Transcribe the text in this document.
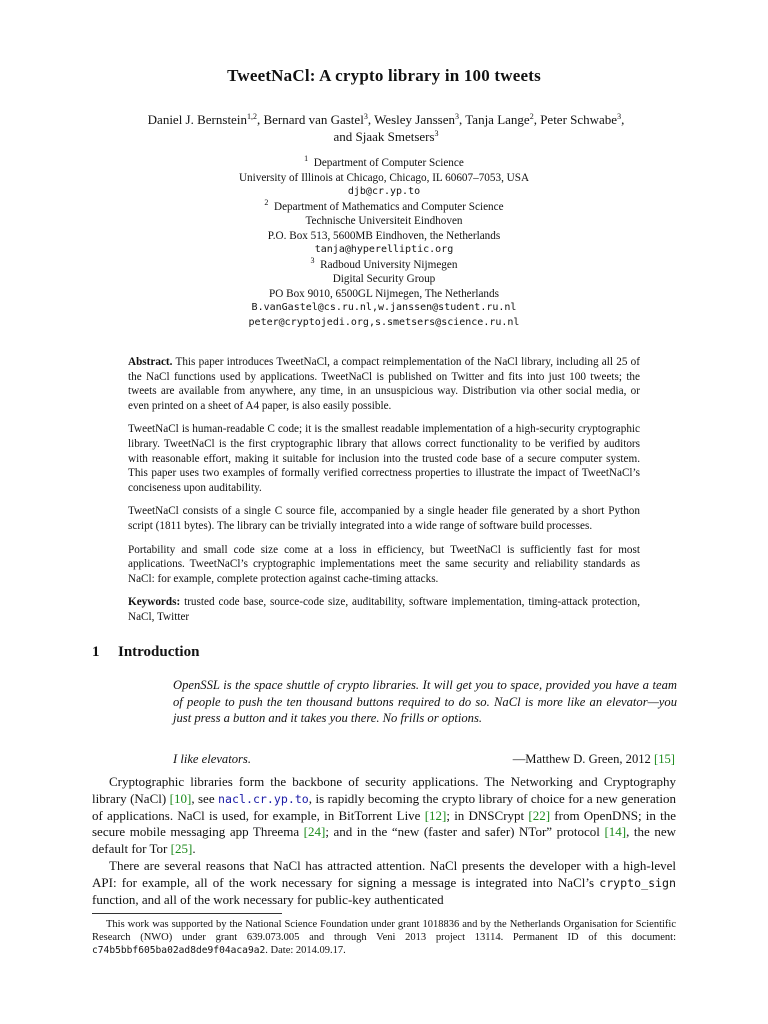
TweetNaCl: A crypto library in 100 tweets
Daniel J. Bernstein$^{1,2}$, Bernard van Gastel$^3$, Wesley Janssen$^3$, Tanja Lange$^2$, Peter Schwabe$^3$,
and Sjaak Smetsers$^3$
$^1$ Department of Computer Science
University of Illinois at Chicago, Chicago, IL 60607–7053, USA
djb@cr.yp.to
$^2$ Department of Mathematics and Computer Science
Technische Universiteit Eindhoven
P.O. Box 513, 5600MB Eindhoven, the Netherlands
tanja@hyperelliptic.org
$^3$ Radboud University Nijmegen
Digital Security Group
PO Box 9010, 6500GL Nijmegen, The Netherlands
B.vanGastel@cs.ru.nl,w.janssen@student.ru.nl
peter@cryptojedi.org,s.smetsers@science.ru.nl

Abstract. This paper introduces TweetNaCl, a compact reimplementation of the NaCl library, including all 25 of the NaCl functions used by applications. TweetNaCl is published on Twitter and fits into just 100 tweets; the tweets are available from anywhere, any time, in an unsuspicious way. Distribution via other social media, or even printed on a sheet of A4 paper, is also easily possible.

TweetNaCl is human-readable C code; it is the smallest readable implementation of a high-security cryptographic library. TweetNaCl is the first cryptographic library that allows correct functionality to be verified by auditors with reasonable effort, making it suitable for inclusion into the trusted code base of a secure computer system. This paper uses two examples of formally verified correctness properties to illustrate the impact of TweetNaCl’s conciseness upon auditability.

TweetNaCl consists of a single C source file, accompanied by a single header file generated by a short Python script (1811 bytes). The library can be trivially integrated into a wide range of software build processes.

Portability and small code size come at a loss in efficiency, but TweetNaCl is sufficiently fast for most applications. TweetNaCl’s cryptographic implementations meet the same security and reliability standards as NaCl: for example, complete protection against cache-timing attacks.

Keywords: trusted code base, source-code size, auditability, software implementation, timing-attack protection, NaCl, Twitter

1 Introduction
OpenSSL is the space shuttle of crypto libraries. It will get you to space, provided you have a team of people to push the ten thousand buttons required to do so. NaCl is more like an elevator—you just press a button and it takes you there. No frills or options.
I like elevators.	—Matthew D. Green, 2012 [15]

Cryptographic libraries form the backbone of security applications. The Networking and Cryptography library (NaCl) [10], see nacl.cr.yp.to, is rapidly becoming the crypto library of choice for a new generation of applications. NaCl is used, for example, in BitTorrent Live [12]; in DNSCrypt [22] from OpenDNS; in the secure mobile messaging app Threema [24]; and in the “new (faster and safer) NTor” protocol [14], the new default for Tor [25].

There are several reasons that NaCl has attracted attention. NaCl presents the developer with a high-level API: for example, all of the work necessary for signing a message is integrated into NaCl’s crypto_sign function, and all of the work necessary for public-key authenticated

This work was supported by the National Science Foundation under grant 1018836 and by the Netherlands Organisation for Scientific Research (NWO) under grant 639.073.005 and through Veni 2013 project 13114. Permanent ID of this document: c74b5bbf605ba02ad8de9f04aca9a2. Date: 2014.09.17.
